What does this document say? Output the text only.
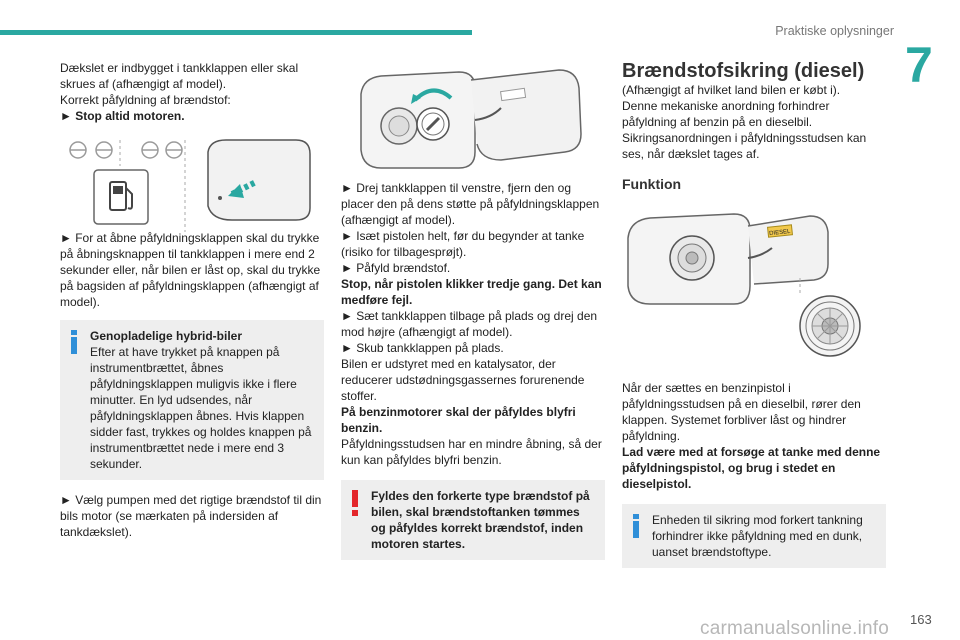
Praktiske oplysninger
7

Dækslet er indbygget i tankklappen eller skal skrues af (afhængigt af model).

Korrekt påfyldning af brændstof:

► Stop altid motoren.

► For at åbne påfyldningsklappen skal du trykke på åbningsknappen til tankklappen i mere end 2 sekunder eller, når bilen er låst op, skal du trykke på bagsiden af påfyldningsklappen (afhængigt af model).

Genopladelige hybrid-biler

Efter at have trykket på knappen på instrumentbrættet, åbnes påfyldningsklappen muligvis ikke i flere minutter. En lyd udsendes, når påfyldningsklappen åbnes. Hvis klappen sidder fast, trykkes og holdes knappen på instrumentbrættet nede i mere end 3 sekunder.

► Vælg pumpen med det rigtige brændstof til din bils motor (se mærkaten på indersiden af tankdækslet).

► Drej tankklappen til venstre, fjern den og placer den på dens støtte på påfyldningsklappen (afhængigt af model).

► Isæt pistolen helt, før du begynder at tanke (risiko for tilbagesprøjt).

► Påfyld brændstof.

Stop, når pistolen klikker tredje gang. Det kan medføre fejl.

► Sæt tankklappen tilbage på plads og drej den mod højre (afhængigt af model).

► Skub tankklappen på plads.

Bilen er udstyret med en katalysator, der reducerer udstødningsgassernes forurenende stoffer.

På benzinmotorer skal der påfyldes blyfri benzin.

Påfyldningsstudsen har en mindre åbning, så der kun kan påfyldes blyfri benzin.

Fyldes den forkerte type brændstof på bilen, skal brændstoftanken tømmes og påfyldes korrekt brændstof, inden motoren startes.

Brændstofsikring (diesel)

(Afhængigt af hvilket land bilen er købt i).

Denne mekaniske anordning forhindrer påfyldning af benzin på en dieselbil.

Sikringsanordningen i påfyldningsstudsen kan ses, når dækslet tages af.

Funktion

DIESEL

Når der sættes en benzinpistol i påfyldningsstudsen på en dieselbil, rører den klappen. Systemet forbliver låst og hindrer påfyldning.

Lad være med at forsøge at tanke med denne påfyldningspistol, og brug i stedet en dieselpistol.

Enheden til sikring mod forkert tankning forhindrer ikke påfyldning med en dunk, uanset brændstoftype.

carmanualsonline.info 163
